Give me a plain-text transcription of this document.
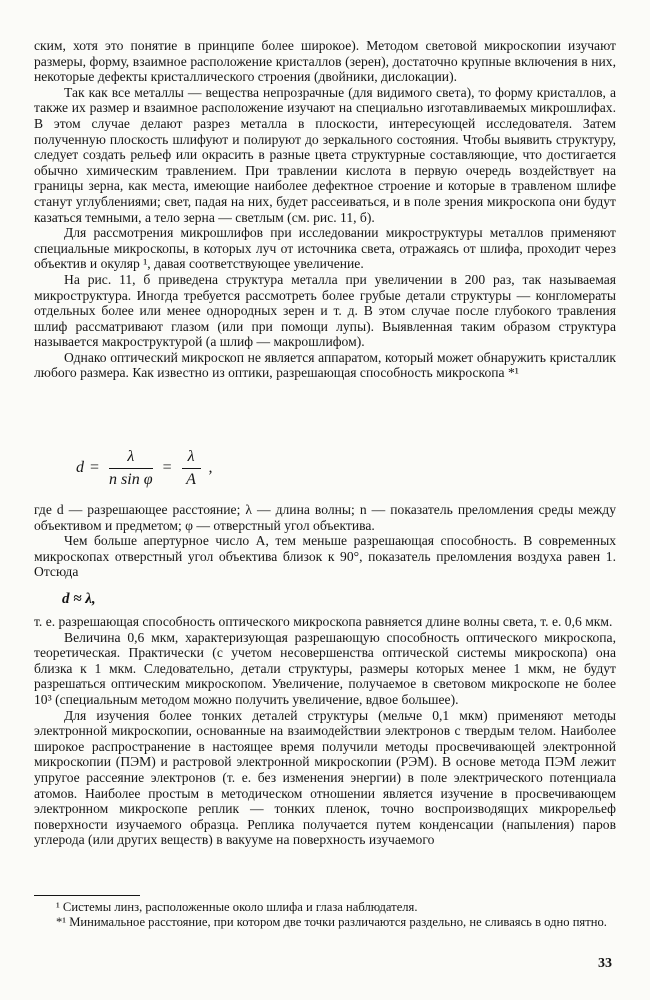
ским, хотя это понятие в принципе более широкое). Методом световой микроскопии изучают размеры, форму, взаимное расположение кристаллов (зерен), достаточно крупные включения в них, некоторые дефекты кристаллического строения (двойники, дислокации).

Так как все металлы — вещества непрозрачные (для видимого света), то форму кристаллов, а также их размер и взаимное расположение изучают на специально изготавливаемых микрошлифах. В этом случае делают разрез металла в плоскости, интересующей исследователя. Затем полученную плоскость шлифуют и полируют до зеркального состояния. Чтобы выявить структуру, следует создать рельеф или окрасить в разные цвета структурные составляющие, что достигается обычно химическим травлением. При травлении кислота в первую очередь воздействует на границы зерна, как места, имеющие наиболее дефектное строение и которые в травленом шлифе станут углублениями; свет, падая на них, будет рассеиваться, и в поле зрения микроскопа они будут казаться темными, а тело зерна — светлым (см. рис. 11, б).

Для рассмотрения микрошлифов при исследовании микроструктуры металлов применяют специальные микроскопы, в которых луч от источника света, отражаясь от шлифа, проходит через объектив и окуляр ¹, давая соответствующее увеличение.

На рис. 11, б приведена структура металла при увеличении в 200 раз, так называемая микроструктура. Иногда требуется рассмотреть более грубые детали структуры — конгломераты отдельных более или менее однородных зерен и т. д. В этом случае после глубокого травления шлиф рассматривают глазом (или при помощи лупы). Выявленная таким образом структура называется макроструктурой (а шлиф — макрошлифом).

Однако оптический микроскоп не является аппаратом, который может обнаружить кристаллик любого размера. Как известно из оптики, разрешающая способность микроскопа *¹

$d = \frac{\lambda}{\text{n sin φ}} = \frac{\lambda}{A}$ ,

где d — разрешающее расстояние; λ — длина волны; n — показатель преломления среды между объективом и предметом; φ — отверстный угол объектива.

Чем больше апертурное число A, тем меньше разрешающая способность. В современных микроскопах отверстный угол объектива близок к 90°, показатель преломления воздуха равен 1. Отсюда

d ≈ λ,

т. е. разрешающая способность оптического микроскопа равняется длине волны света, т. е. 0,6 мкм.

Величина 0,6 мкм, характеризующая разрешающую способность оптического микроскопа, теоретическая. Практически (с учетом несовершенства оптической системы микроскопа) она близка к 1 мкм. Следовательно, детали структуры, размеры которых менее 1 мкм, не будут разрешаться оптическим микроскопом. Увеличение, получаемое в световом микроскопе не более 10³ (специальным методом можно получить увеличение, вдвое большее).

Для изучения более тонких деталей структуры (мельче 0,1 мкм) применяют методы электронной микроскопии, основанные на взаимодействии электронов с твердым телом. Наиболее широкое распространение в настоящее время получили методы просвечивающей электронной микроскопии (ПЭМ) и растровой электронной микроскопии (РЭМ). В основе метода ПЭМ лежит упругое рассеяние электронов (т. е. без изменения энергии) в поле электрического потенциала атомов. Наиболее простым в методическом отношении является изучение в просвечивающем электронном микроскопе реплик — тонких пленок, точно воспроизводящих микрорельеф поверхности изучаемого образца. Реплика получается путем конденсации (напыления) паров углерода (или других веществ) в вакууме на поверхность изучаемого

¹ Системы линз, расположенные около шлифа и глаза наблюдателя.

*¹ Минимальное расстояние, при котором две точки различаются раздельно, не сливаясь в одно пятно.

33
